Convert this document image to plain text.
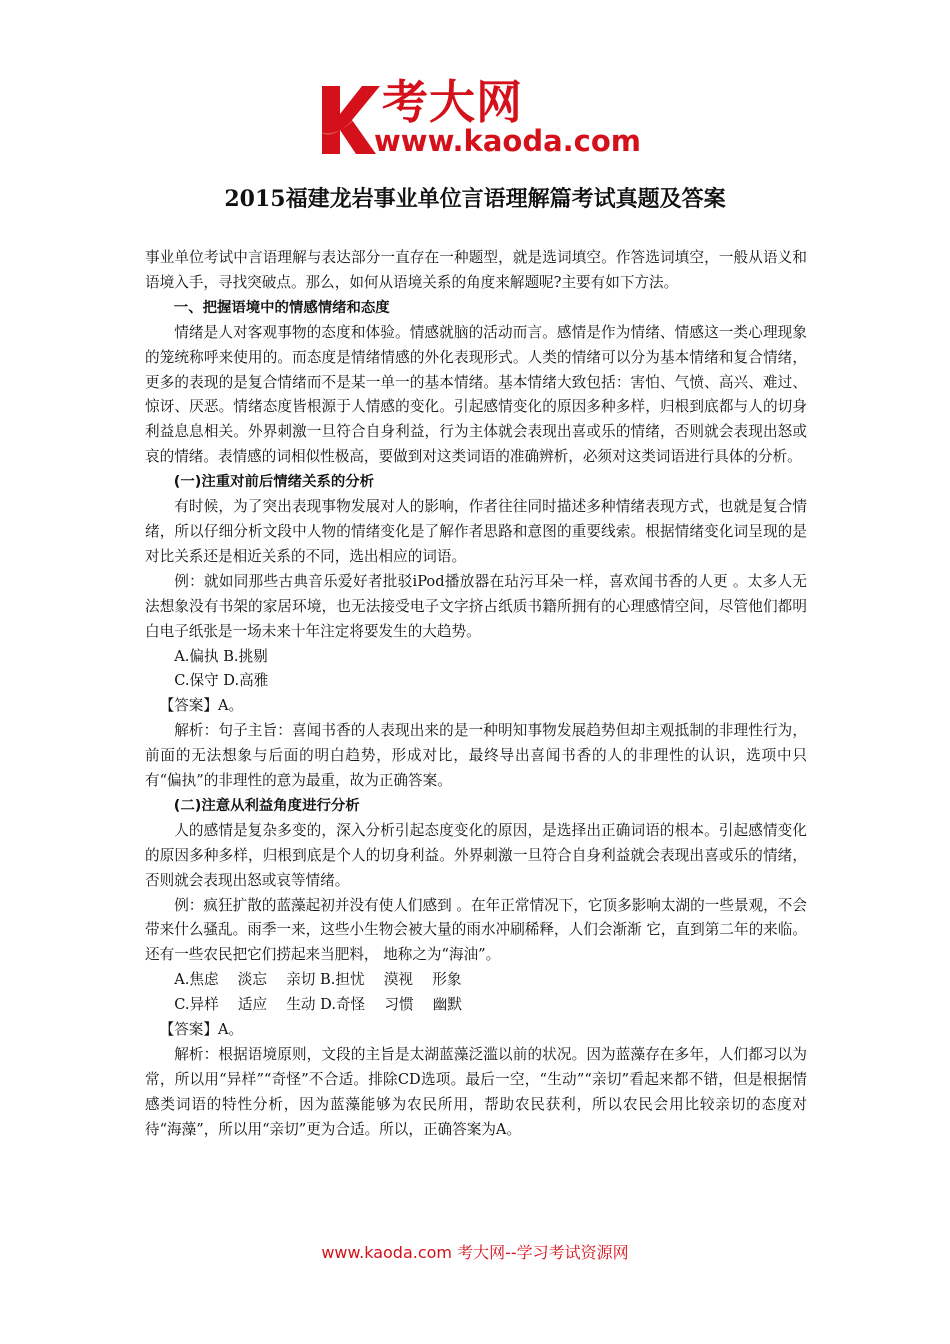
考大网
www.kaoda.com
2015福建龙岩事业单位言语理解篇考试真题及答案

事业单位考试中言语理解与表达部分一直存在一种题型，就是选词填空。作答选词填空，一般从语义和语境入手，寻找突破点。那么，如何从语境关系的角度来解题呢?主要有如下方法。

一、把握语境中的情感情绪和态度

情绪是人对客观事物的态度和体验。情感就脑的活动而言。感情是作为情绪、情感这一类心理现象的笼统称呼来使用的。而态度是情绪情感的外化表现形式。人类的情绪可以分为基本情绪和复合情绪，更多的表现的是复合情绪而不是某一单一的基本情绪。基本情绪大致包括：害怕、气愤、高兴、难过、惊讶、厌恶。情绪态度皆根源于人情感的变化。引起感情变化的原因多种多样，归根到底都与人的切身利益息息相关。外界刺激一旦符合自身利益，行为主体就会表现出喜或乐的情绪，否则就会表现出怒或哀的情绪。表情感的词相似性极高，要做到对这类词语的准确辨析，必须对这类词语进行具体的分析。

(一)注重对前后情绪关系的分析

有时候，为了突出表现事物发展对人的影响，作者往往同时描述多种情绪表现方式，也就是复合情绪，所以仔细分析文段中人物的情绪变化是了解作者思路和意图的重要线索。根据情绪变化词呈现的是对比关系还是相近关系的不同，选出相应的词语。

例：就如同那些古典音乐爱好者批驳iPod播放器在玷污耳朵一样，喜欢闻书香的人更 。太多人无法想象没有书架的家居环境，也无法接受电子文字挤占纸质书籍所拥有的心理感情空间，尽管他们都明白电子纸张是一场未来十年注定将要发生的大趋势。

A.偏执 B.挑剔

C.保守 D.高雅

【答案】A。

解析：句子主旨：喜闻书香的人表现出来的是一种明知事物发展趋势但却主观抵制的非理性行为，前面的无法想象与后面的明白趋势，形成对比，最终导出喜闻书香的人的非理性的认识，选项中只有“偏执”的非理性的意为最重，故为正确答案。

(二)注意从利益角度进行分析

人的感情是复杂多变的，深入分析引起态度变化的原因，是选择出正确词语的根本。引起感情变化的原因多种多样，归根到底是个人的切身利益。外界刺激一旦符合自身利益就会表现出喜或乐的情绪，否则就会表现出怒或哀等情绪。

例：疯狂扩散的蓝藻起初并没有使人们感到 。在年正常情况下，它顶多影响太湖的一些景观，不会带来什么骚乱。雨季一来，这些小生物会被大量的雨水冲刷稀释，人们会渐渐 它，直到第二年的来临。还有一些农民把它们捞起来当肥料， 地称之为“海油”。

A.焦虑　 淡忘　 亲切 B.担忧　 漠视　 形象

C.异样　 适应　 生动 D.奇怪　 习惯　 幽默

【答案】A。

解析：根据语境原则，文段的主旨是太湖蓝藻泛滥以前的状况。因为蓝藻存在多年，人们都习以为常，所以用“异样”“奇怪”不合适。排除CD选项。最后一空，“生动”“亲切”看起来都不错，但是根据情感类词语的特性分析，因为蓝藻能够为农民所用，帮助农民获利，所以农民会用比较亲切的态度对待“海藻”，所以用“亲切”更为合适。所以，正确答案为A。

www.kaoda.com 考大网--学习考试资源网
